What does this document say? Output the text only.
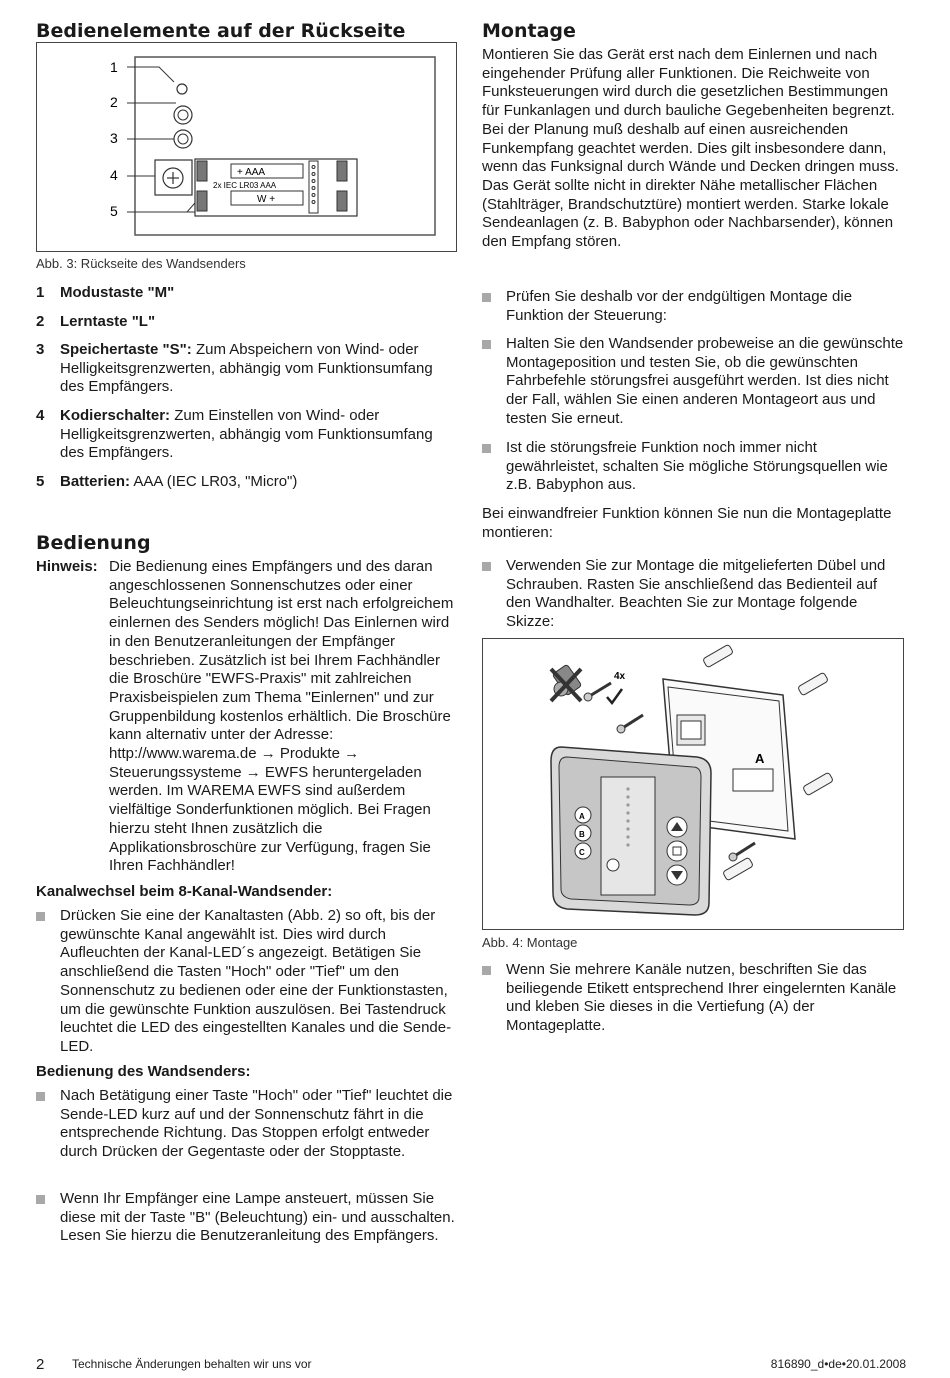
Bedienelemente auf der Rückseite
1
2
3
4
5
+ AAA
2x IEC LR03 AAA
W +
Abb. 3: Rückseite des Wandsenders
1 Modustaste "M"
2 Lerntaste "L"
3 Speichertaste "S": Zum Abspeichern von Wind- oder Helligkeitsgrenzwerten, abhängig vom Funktionsumfang des Empfängers.
4 Kodierschalter: Zum Einstellen von Wind- oder Helligkeitsgrenzwerten, abhängig vom Funktionsumfang des Empfängers.
5 Batterien: AAA (IEC LR03, "Micro")
Bedienung
Hinweis: Die Bedienung eines Empfängers und des daran angeschlossenen Sonnenschutzes oder einer Beleuchtungseinrichtung ist erst nach erfolgreichem einlernen des Senders möglich! Das Einlernen wird in den Benutzeranleitungen der Empfänger beschrieben. Zusätzlich ist bei Ihrem Fachhändler die Broschüre "EWFS-Praxis" mit zahlreichen Praxisbeispielen zum Thema "Einlernen" und zur Gruppenbildung kostenlos erhältlich. Die Broschüre kann alternativ unter der Adresse: http://www.warema.de → Produkte → Steuerungssysteme → EWFS heruntergeladen werden. Im WAREMA EWFS sind außerdem vielfältige Sonderfunktionen möglich. Bei Fragen hierzu steht Ihnen zusätzlich die Applikationsbroschüre zur Verfügung, fragen Sie Ihren Fachhändler!
Kanalwechsel beim 8-Kanal-Wandsender:
Drücken Sie eine der Kanaltasten (Abb. 2) so oft, bis der gewünschte Kanal angewählt ist. Dies wird durch Aufleuchten der Kanal-LED´s angezeigt. Betätigen Sie anschließend die Tasten "Hoch" oder "Tief" um den Sonnenschutz zu bedienen oder eine der Funktionstasten, um die gewünschte Funktion auszulösen. Bei Tastendruck leuchtet die LED des eingestellten Kanales und die Sende-LED.
Bedienung des Wandsenders:
Nach Betätigung einer Taste "Hoch" oder "Tief" leuchtet die Sende-LED kurz auf und der Sonnenschutz fährt in die entsprechende Richtung. Das Stoppen erfolgt entweder durch Drücken der Gegentaste oder der Stopptaste.
Wenn Ihr Empfänger eine Lampe ansteuert, müssen Sie diese mit der Taste "B" (Beleuchtung) ein- und ausschalten. Lesen Sie hierzu die Benutzeranleitung des Empfängers.
Montage

Montieren Sie das Gerät erst nach dem Einlernen und nach eingehender Prüfung aller Funktionen. Die Reichweite von Funksteuerungen wird durch die gesetzlichen Bestimmungen für Funkanlagen und durch bauliche Gegebenheiten begrenzt. Bei der Planung muß deshalb auf einen ausreichenden Funkempfang geachtet werden. Dies gilt insbesondere dann, wenn das Funksignal durch Wände und Decken dringen muss. Das Gerät sollte nicht in direkter Nähe metallischer Flächen (Stahlträger, Brandschutztüre) montiert werden. Starke lokale Sendeanlagen (z. B. Babyphon oder Nachbarsender), können den Empfang stören.

Prüfen Sie deshalb vor der endgültigen Montage die Funktion der Steuerung:
Halten Sie den Wandsender probeweise an die gewünschte Montageposition und testen Sie, ob die gewünschten Fahrbefehle störungsfrei ausgeführt werden. Ist dies nicht der Fall, wählen Sie einen anderen Montageort aus und testen Sie erneut.
Ist die störungsfreie Funktion noch immer nicht gewährleistet, schalten Sie mögliche Störungsquellen wie z.B. Babyphon aus.

Bei einwandfreier Funktion können Sie nun die Montageplatte montieren:

Verwenden Sie zur Montage die mitgelieferten Dübel und Schrauben. Rasten Sie anschließend das Bedienteil auf den Wandhalter. Beachten Sie zur Montage folgende Skizze:
4x
A
A
B
C
Abb. 4: Montage
Wenn Sie mehrere Kanäle nutzen, beschriften Sie das beiliegende Etikett entsprechend Ihrer eingelernten Kanäle und kleben Sie dieses in die Vertiefung (A) der Montageplatte.
2 Technische Änderungen behalten wir uns vor	816890_d•de•20.01.2008
